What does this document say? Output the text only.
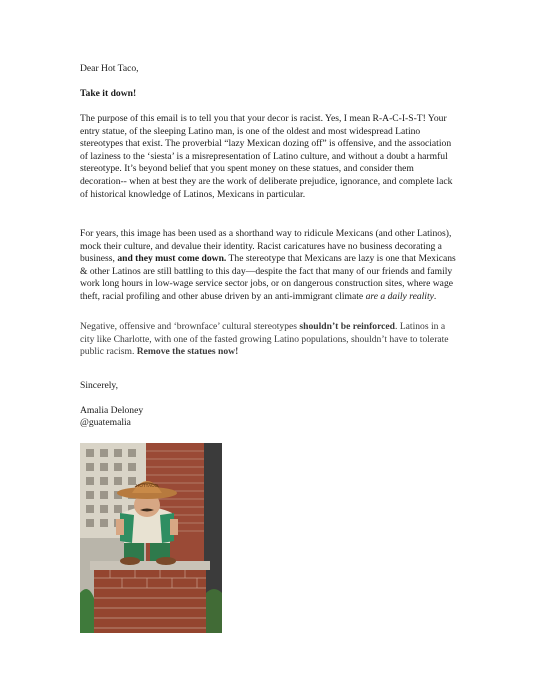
Dear Hot Taco,
Take it down!
The purpose of this email is to tell you that your decor is racist. Yes, I mean R-A-C-I-S-T! Your entry statue, of the sleeping Latino man, is one of the oldest and most widespread Latino stereotypes that exist. The proverbial “lazy Mexican dozing off” is offensive, and the association of laziness to the ‘siesta’ is a misrepresentation of Latino culture, and without a doubt a harmful stereotype. It’s beyond belief that you spent money on these statues, and consider them decoration-- when at best they are the work of deliberate prejudice, ignorance, and complete lack of historical knowledge of Latinos, Mexicans in particular.
For years, this image has been used as a shorthand way to ridicule Mexicans (and other Latinos), mock their culture, and devalue their identity. Racist caricatures have no business decorating a business, and they must come down. The stereotype that Mexicans are lazy is one that Mexicans & other Latinos are still battling to this day—despite the fact that many of our friends and family work long hours in low-wage service sector jobs, or on dangerous construction sites, where wage theft, racial profiling and other abuse driven by an anti-immigrant climate are a daily reality.
Negative, offensive and ‘brownface’ cultural stereotypes shouldn’t be reinforced. Latinos in a city like Charlotte, with one of the fasted growing Latino populations, shouldn’t have to tolerate public racism. Remove the statues now!
Sincerely,
Amalia Deloney
@guatemalia
HOTTACO
